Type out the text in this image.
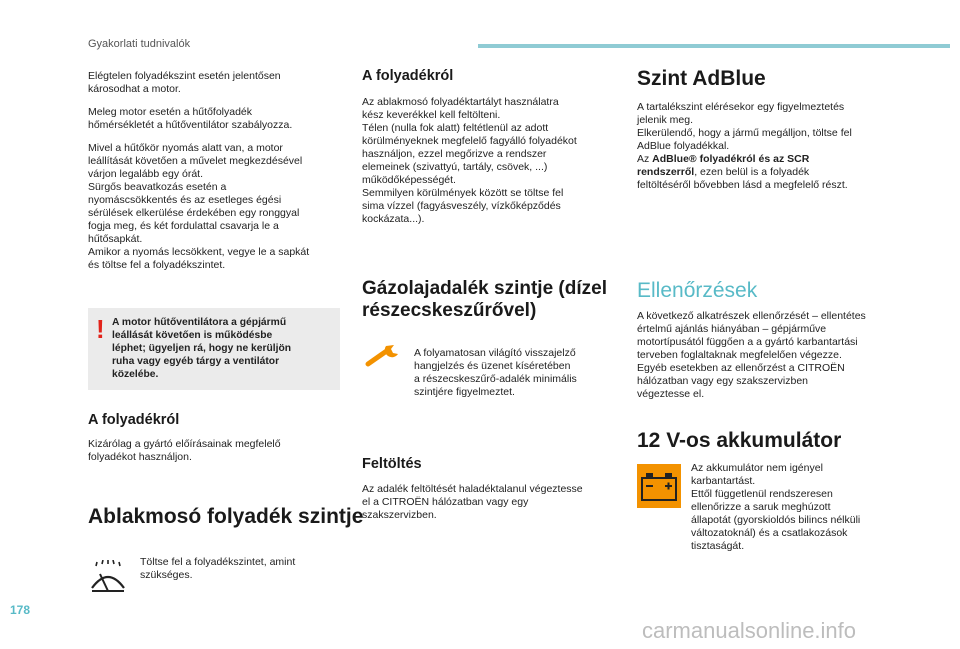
Gyakorlati tudnivalók

Elégtelen folyadékszint esetén jelentősen
károsodhat a motor.

Meleg motor esetén a hűtőfolyadék
hőmérsékletét a hűtőventilátor szabályozza.

Mivel a hűtőkör nyomás alatt van, a motor
leállítását követően a művelet megkezdésével
várjon legalább egy órát.
Sürgős beavatkozás esetén a
nyomáscsökkentés és az esetleges égési
sérülések elkerülése érdekében egy ronggyal
fogja meg, és két fordulattal csavarja le a
hűtősapkát.
Amikor a nyomás lecsökkent, vegye le a sapkát
és töltse fel a folyadékszintet.

! A motor hűtőventilátora a gépjármű
leállását követően is működésbe
léphet; ügyeljen rá, hogy ne kerüljön
ruha vagy egyéb tárgy a ventilátor
közelébe.
A folyadékról

Kizárólag a gyártó előírásainak megfelelő
folyadékot használjon.

Ablakmosó folyadék szintje

Töltse fel a folyadékszintet, amint
szükséges.

A folyadékról

Az ablakmosó folyadéktartályt használatra
kész keverékkel kell feltölteni.
Télen (nulla fok alatt) feltétlenül az adott
körülményeknek megfelelő fagyálló folyadékot
használjon, ezzel megőrizve a rendszer
elemeinek (szivattyú, tartály, csövek, ...)
működőképességét.
Semmilyen körülmények között se töltse fel
sima vízzel (fagyásveszély, vízkőképződés
kockázata...).

Gázolajadalék szintje (dízel
részecskeszűrővel)

A folyamatosan világító visszajelző
hangjelzés és üzenet kíséretében
a részecskeszűrő-adalék minimális
szintjére figyelmeztet.

Feltöltés

Az adalék feltöltését haladéktalanul végeztesse
el a CITROËN hálózatban vagy egy
szakszervizben.

Szint AdBlue

A tartalékszint elérésekor egy figyelmeztetés
jelenik meg.
Elkerülendő, hogy a jármű megálljon, töltse fel
AdBlue folyadékkal.
Az AdBlue® folyadékról és az SCR
rendszerről, ezen belül is a folyadék
feltöltéséről bővebben lásd a megfelelő részt.

Ellenőrzések

A következő alkatrészek ellenőrzését – ellentétes
értelmű ajánlás hiányában – gépjárműve
motortípusától függően a a gyártó karbantartási
terveben foglaltaknak megfelelően végezze.
Egyéb esetekben az ellenőrzést a CITROËN
hálózatban vagy egy szakszervizben
végeztesse el.

12 V-os akkumulátor

Az akkumulátor nem igényel
karbantartást.
Ettől függetlenül rendszeresen
ellenőrizze a saruk meghúzott
állapotát (gyorskioldós bilincs nélküli
változatoknál) és a csatlakozások
tisztaságát.

178
carmanualsonline.info
